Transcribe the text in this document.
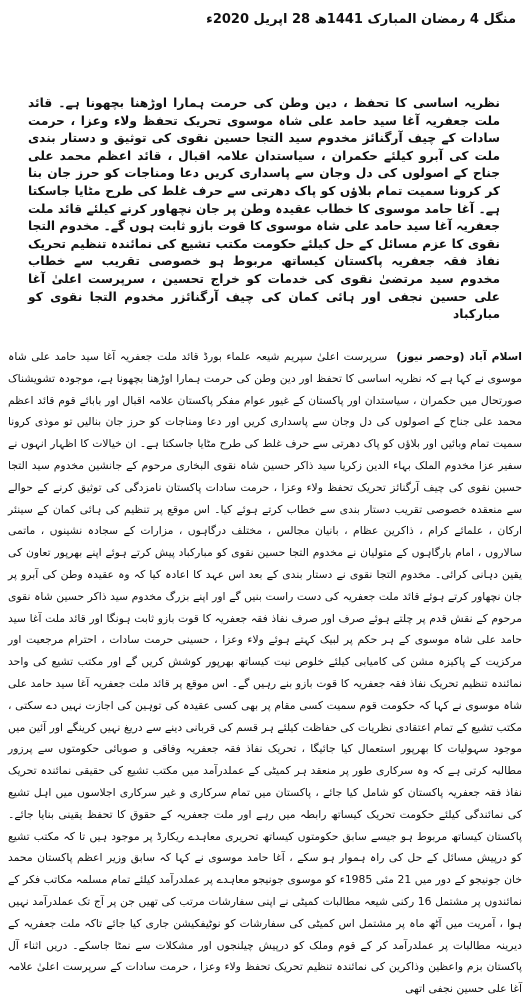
منگل 4 رمضان المبارک 1441ھ 28 اپریل 2020ء

نظریہ اساسی کا تحفظ ، دین وطن کی حرمت ہمارا اوڑھنا بچھونا ہے۔ قائد ملت جعفریہ آغا سید حامد علی شاہ موسوی تحریک تحفظ ولاء وعزا ، حرمت سادات کے چیف آرگنائز مخدوم سید التجا حسین نقوی کی توثیق و دستار بندی ملت کی آبرو کیلئے حکمران ، سیاستدان علامہ اقبال ، قائد اعظم محمد علی جناح کے اصولوں کی دل وجان سے پاسداری کریں دعا ومناجات کو حرز جان بنا کر کرونا سمیت تمام بلاؤں کو پاک دھرتی سے حرف غلط کی طرح مٹایا جاسکتا ہے۔ آغا حامد موسوی کا خطاب عقیدہ وطن پر جان نچھاور کرنے کیلئے قائد ملت جعفریہ آغا سید حامد علی شاہ موسوی کا قوت بازو ثابت ہوں گے۔ مخدوم التجا نقوی کا عزم مسائل کے حل کیلئے حکومت مکتب تشیع کی نمائندہ تنظیم تحریک نفاذ فقہ جعفریہ پاکستان کیساتھ مربوط ہو خصوصی تقریب سے خطاب مخدوم سید مرتضیٰ نقوی کی خدمات کو خراج تحسین ، سرپرست اعلیٰ آغا علی حسین نجفی اور ہائی کمان کی چیف آرگنائزر مخدوم التجا نقوی کو مبارکباد

اسلام آباد (وحصر نیوز)  سرپرست اعلیٰ سپریم شیعہ علماء بورڈ قائد ملت جعفریہ آغا سید حامد علی شاہ موسوی نے کہا ہے کہ نظریہ اساسی کا تحفظ اور دین وطن کی حرمت ہمارا اوڑھنا بچھونا ہے، موجودہ تشویشناک صورتحال میں حکمران ، سیاستدان اور پاکستان کے غیور عوام مفکر پاکستان علامہ اقبال اور بابائے قوم قائد اعظم محمد علی جناح کے اصولوں کی دل وجان سے پاسداری کریں اور دعا ومناجات کو حرز جان بنالیں تو موذی کرونا سمیت تمام وبائیں اور بلاؤں کو پاک دھرتی سے حرف غلط کی طرح مٹایا جاسکتا ہے۔ ان خیالات کا اظہار انہوں نے سفیر عزا مخدوم الملک بہاء الدین زکریا سید ذاکر حسین شاہ نقوی البخاری مرحوم کے جانشین مخدوم سید التجا حسین نقوی کی چیف آرگنائز تحریک تحفظ ولاء وعزا ، حرمت سادات پاکستان نامزدگی کی توثیق کرنے کے حوالے سے منعقدہ خصوصی تقریب دستار بندی سے خطاب کرتے ہوئے کیا۔ اس موقع پر تنظیم کی ہائی کمان کے سینئر ارکان ، علمائے کرام ، ذاکرین عظام ، بانیان مجالس ، مختلف درگاہوں ، مزارات کے سجادہ نشینوں ، ماتمی سالاروں ، امام بارگاہوں کے متولیان نے مخدوم التجا حسین نقوی کو مبارکباد پیش کرتے ہوئے اپنے بھرپور تعاون کی یقین دہانی کرائی۔ مخدوم التجا نقوی نے دستار بندی کے بعد اس عہد کا اعادہ کیا کہ وہ عقیدہ وطن کی آبرو پر جان نچھاور کرتے ہوئے قائد ملت جعفریہ کی دست راست بنیں گے اور اپنے بزرگ مخدوم سید ذاکر حسین شاہ نقوی مرحوم کے نقش قدم پر چلتے ہوئے صرف اور صرف نفاذ فقہ جعفریہ کا قوت بازو ثابت ہونگا اور قائد ملت آغا سید حامد علی شاہ موسوی کے ہر حکم پر لبیک کہتے ہوئے ولاء وعزا ، حسینی حرمت سادات ، احترام مرجعیت اور مرکزیت کے پاکیزہ مشن کی کامیابی کیلئے خلوص نیت کیساتھ بھرپور کوشش کریں گے اور مکتب تشیع کی واحد نمائندہ تنظیم تحریک نفاذ فقہ جعفریہ کا قوت بازو بنے رہیں گے۔ اس موقع پر قائد ملت جعفریہ آغا سید حامد علی شاہ موسوی نے کہا کہ حکومت قوم سمیت کسی مقام پر بھی کسی عقیدہ کی توہین کی اجازت نہیں دے سکتی ، مکتب تشیع کے تمام اعتقادی نظریات کی حفاظت کیلئے ہر قسم کی قربانی دینے سے دریغ نہیں کرینگے اور آئین میں موجود سہولیات کا بھرپور استعمال کیا جائیگا ، تحریک نفاذ فقہ جعفریہ وفاقی و صوبائی حکومتوں سے پرزور مطالبہ کرتی ہے کہ وہ سرکاری طور پر منعقد ہر کمیٹی کے عملدرآمد میں مکتب تشیع کی حقیقی نمائندہ تحریک نفاذ فقہ جعفریہ پاکستان کو شامل کیا جائے ، پاکستان میں تمام سرکاری و غیر سرکاری اجلاسوں میں اہل تشیع کی نمائندگی کیلئے حکومت تحریک کیساتھ رابطہ میں رہے اور ملت جعفریہ کے حقوق کا تحفظ یقینی بنایا جائے۔ پاکستان کیساتھ مربوط ہو جیسے سابق حکومتوں کیساتھ تحریری معاہدے ریکارڈ پر موجود ہیں تا کہ مکتب تشیع کو درپیش مسائل کے حل کی راہ ہموار ہو سکے ، آغا حامد موسوی نے کہا کہ سابق وزیر اعظم پاکستان محمد خان جونیجو کے دور میں 21 مئی 1985ء کو موسوی جونیجو معاہدے پر عملدرآمد کیلئے تمام مسلمہ مکاتب فکر کے نمائندوں پر مشتمل 16 رکنی شیعہ مطالبات کمیٹی نے اپنی سفارشات مرتب کی تھیں جن پر آج تک عملدرآمد نہیں ہوا ، آمریت میں آٹھ ماہ پر مشتمل اس کمیٹی کی سفارشات کو نوٹیفکیشن جاری کیا جائے تاکہ ملت جعفریہ کے دیرینہ مطالبات پر عملدرآمد کر کے قوم وملک کو درپیش چیلنجوں اور مشکلات سے نمٹا جاسکے۔ دریں اثناء آل پاکستان بزم واعظین وذاکرین کی نمائندہ تنظیم تحریک تحفظ ولاء وعزا ، حرمت سادات کے سرپرست اعلیٰ علامہ آغا علی حسین نجفی اتھی
